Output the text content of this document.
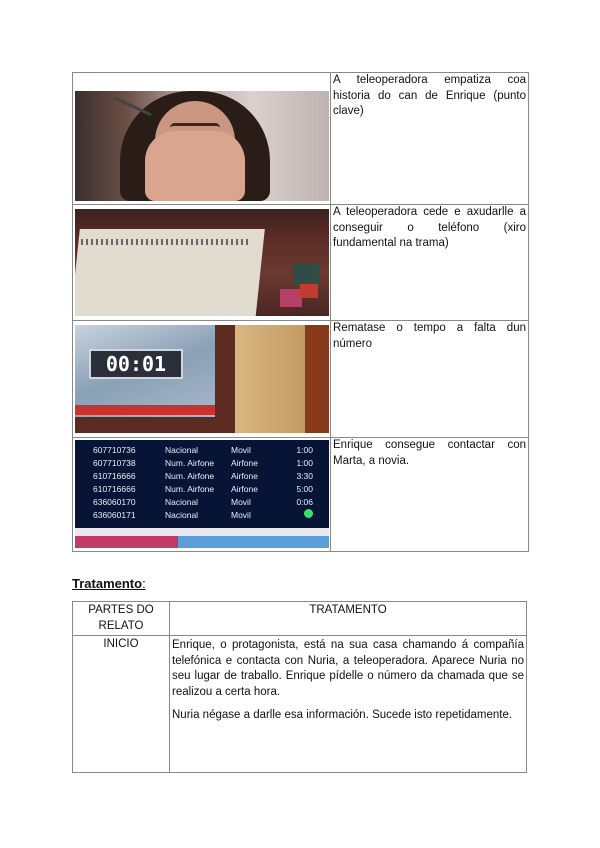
	A teleoperadora empatiza coa historia do can de Enrique (punto clave)

	A teleoperadora cede e axudarlle a conseguir o teléfono (xiro fundamental na trama)

00:01
	Rematase o tempo a falta dun número

607710736	Nacional	Movil	1:00
607710738	Num. Airfone	Airfone	1:00
610716666	Num. Airfone	Airfone	3:30
610716666	Num. Airfone	Airfone	5:00
636060170	Nacional	Movil	0:06
636060171	Nacional	Movil	
	Enrique consegue contactar con Marta, a novia.
Tratamento:
PARTES DO RELATO	TRATAMENTO
INICIO	Enrique, o protagonista, está na sua casa chamando á compañía telefónica e contacta con Nuria, a teleoperadora. Aparece Nuria no seu lugar de traballo. Enrique pídelle o número da chamada que se realizou a certa hora.

Nuria négase a darlle esa información. Sucede isto repetidamente.
